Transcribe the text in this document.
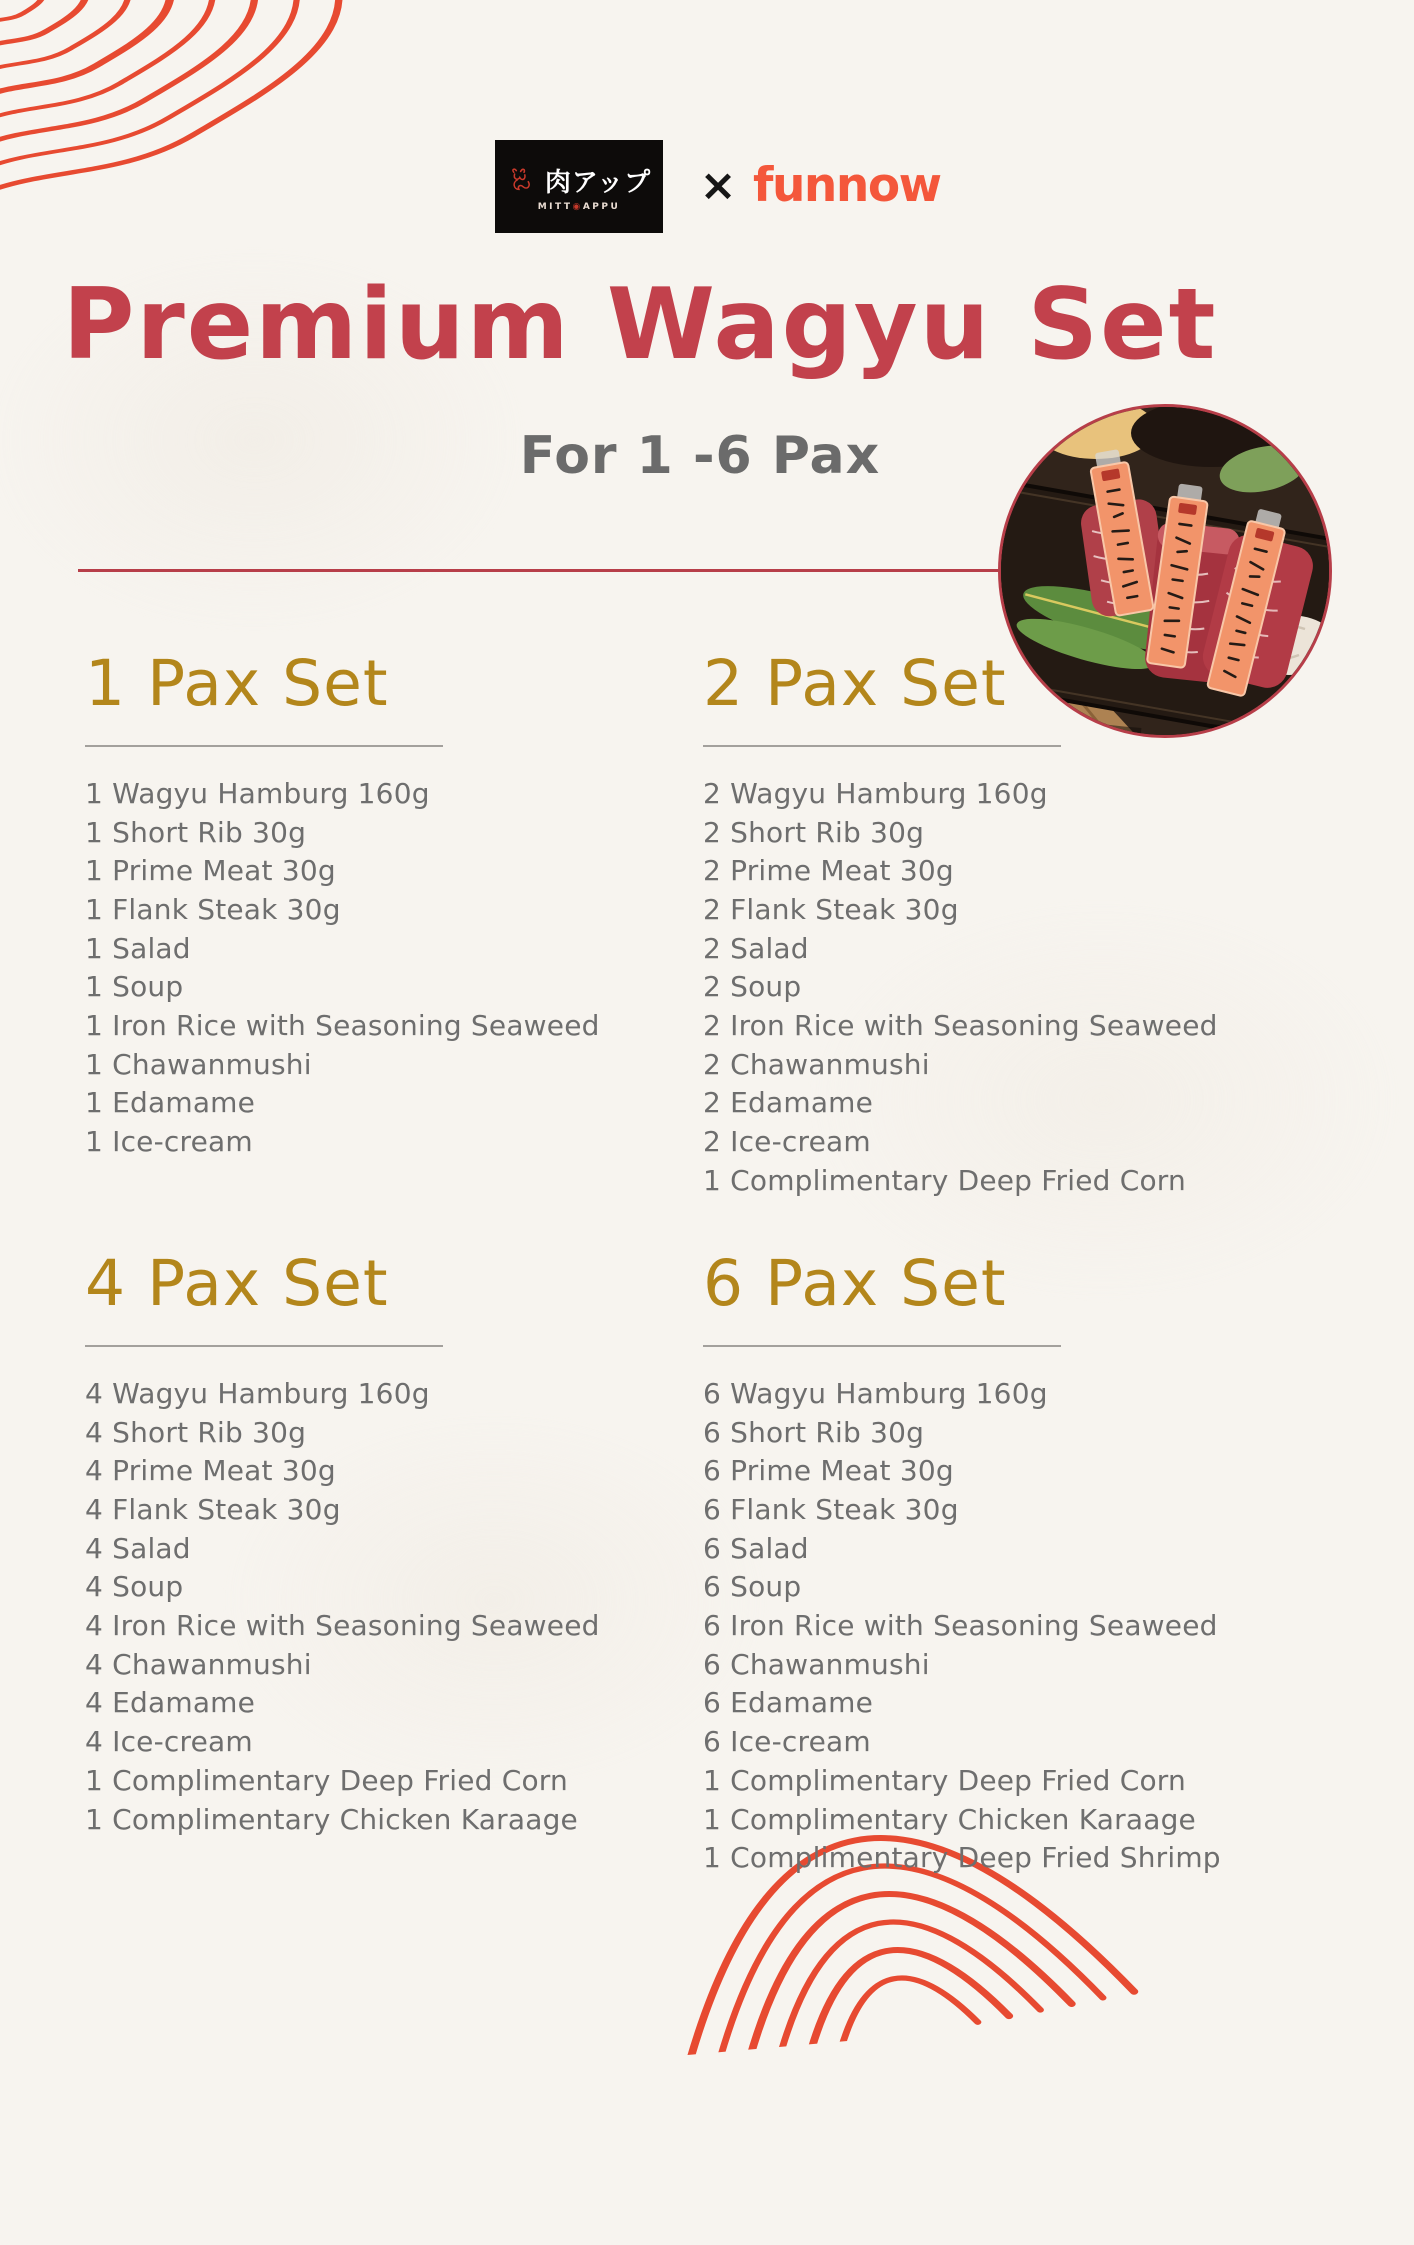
肉アップ
MITT◉APPU	× funnow
Premium Wagyu Set
For 1 -6 Pax
1 Pax Set
1 Wagyu Hamburg 160g
1 Short Rib 30g
1 Prime Meat 30g
1 Flank Steak 30g
1 Salad
1 Soup
1 Iron Rice with Seasoning Seaweed
1 Chawanmushi
1 Edamame
1 Ice-cream
2 Pax Set
2 Wagyu Hamburg 160g
2 Short Rib 30g
2 Prime Meat 30g
2 Flank Steak 30g
2 Salad
2 Soup
2 Iron Rice with Seasoning Seaweed
2 Chawanmushi
2 Edamame
2 Ice-cream
1 Complimentary Deep Fried Corn
4 Pax Set
4 Wagyu Hamburg 160g
4 Short Rib 30g
4 Prime Meat 30g
4 Flank Steak 30g
4 Salad
4 Soup
4 Iron Rice with Seasoning Seaweed
4 Chawanmushi
4 Edamame
4 Ice-cream
1 Complimentary Deep Fried Corn
1 Complimentary Chicken Karaage
6 Pax Set
6 Wagyu Hamburg 160g
6 Short Rib 30g
6 Prime Meat 30g
6 Flank Steak 30g
6 Salad
6 Soup
6 Iron Rice with Seasoning Seaweed
6 Chawanmushi
6 Edamame
6 Ice-cream
1 Complimentary Deep Fried Corn
1 Complimentary Chicken Karaage
1 Complimentary Deep Fried Shrimp
